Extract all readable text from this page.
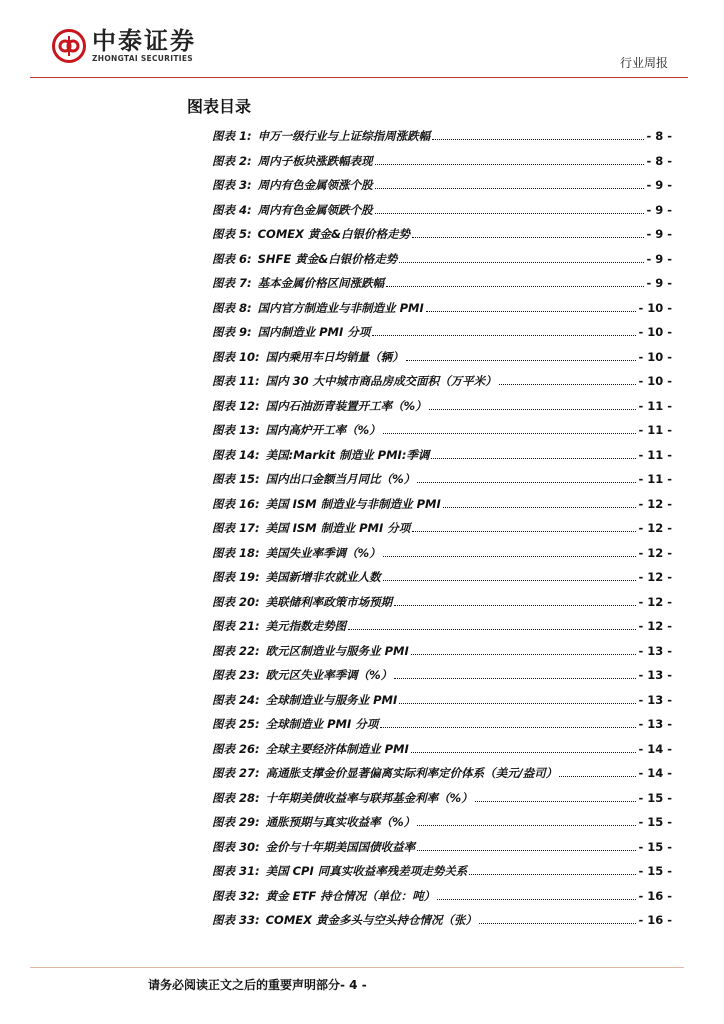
中泰证券
ZHONGTAI SECURITIES	行业周报
图表目录
图表 1: 申万一级行业与上证综指周涨跌幅	- 8 -
图表 2: 周内子板块涨跌幅表现	- 8 -
图表 3: 周内有色金属领涨个股	- 9 -
图表 4: 周内有色金属领跌个股	- 9 -
图表 5: COMEX 黄金&白银价格走势	- 9 -
图表 6: SHFE 黄金&白银价格走势	- 9 -
图表 7: 基本金属价格区间涨跌幅	- 9 -
图表 8: 国内官方制造业与非制造业 PMI	- 10 -
图表 9: 国内制造业 PMI 分项	- 10 -
图表 10: 国内乘用车日均销量（辆）	- 10 -
图表 11: 国内 30 大中城市商品房成交面积（万平米）	- 10 -
图表 12: 国内石油沥青装置开工率（%）	- 11 -
图表 13: 国内高炉开工率（%）	- 11 -
图表 14: 美国:Markit 制造业 PMI:季调	- 11 -
图表 15: 国内出口金额当月同比（%）	- 11 -
图表 16: 美国 ISM 制造业与非制造业 PMI	- 12 -
图表 17: 美国 ISM 制造业 PMI 分项	- 12 -
图表 18: 美国失业率季调（%）	- 12 -
图表 19: 美国新增非农就业人数	- 12 -
图表 20: 美联储利率政策市场预期	- 12 -
图表 21: 美元指数走势图	- 12 -
图表 22: 欧元区制造业与服务业 PMI	- 13 -
图表 23: 欧元区失业率季调（%）	- 13 -
图表 24: 全球制造业与服务业 PMI	- 13 -
图表 25: 全球制造业 PMI 分项	- 13 -
图表 26: 全球主要经济体制造业 PMI	- 14 -
图表 27: 高通胀支撑金价显著偏离实际利率定价体系（美元/盎司）	- 14 -
图表 28: 十年期美债收益率与联邦基金利率（%）	- 15 -
图表 29: 通胀预期与真实收益率（%）	- 15 -
图表 30: 金价与十年期美国国债收益率	- 15 -
图表 31: 美国 CPI 同真实收益率残差项走势关系	- 15 -
图表 32: 黄金 ETF 持仓情况（单位：吨）	- 16 -
图表 33: COMEX 黄金多头与空头持仓情况（张）	- 16 -
请务必阅读正文之后的重要声明部分- 4 -
